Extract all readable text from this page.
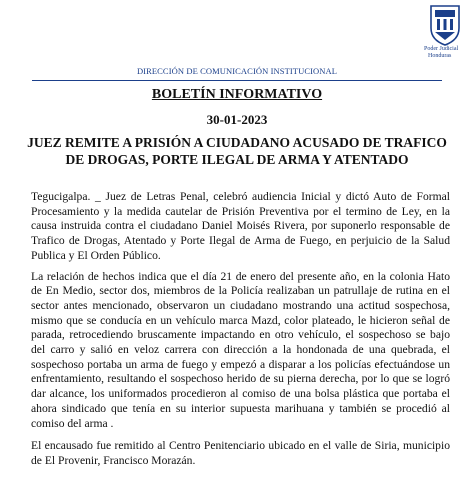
Poder Judicial
Honduras
DIRECCIÓN DE COMUNICACIÓN INSTITUCIONAL
BOLETÍN INFORMATIVO
30-01-2023
JUEZ REMITE A PRISIÓN A CIUDADANO ACUSADO DE TRAFICO DE DROGAS, PORTE ILEGAL DE ARMA Y ATENTADO

Tegucigalpa. _ Juez de Letras Penal, celebró audiencia Inicial y dictó Auto de Formal Procesamiento y la medida cautelar de Prisión Preventiva por el termino de Ley, en la causa instruida contra el ciudadano Daniel Moisés Rivera, por suponerlo responsable de Trafico de Drogas, Atentado y Porte Ilegal de Arma de Fuego, en perjuicio de la Salud Publica y El Orden Público.

La relación de hechos indica que el día 21 de enero del presente año, en la colonia Hato de En Medio, sector dos, miembros de la Policía realizaban un patrullaje de rutina en el sector antes mencionado, observaron un ciudadano mostrando una actitud sospechosa, mismo que se conducía en un vehículo marca Mazd, color plateado, le hicieron señal de parada, retrocediendo bruscamente impactando en otro vehículo, el sospechoso se bajo del carro y salió en veloz carrera con dirección a la hondonada de una quebrada, el sospechoso portaba un arma de fuego y empezó a disparar a los policías efectuándose un enfrentamiento, resultando el sospechoso herido de su pierna derecha, por lo que se logró dar alcance, los uniformados procedieron al comiso de una bolsa plástica que portaba el ahora sindicado que tenía en su interior supuesta marihuana y también se procedió al comiso del arma .

El encausado fue remitido al Centro Penitenciario ubicado en el valle de Siria, municipio de El Provenir, Francisco Morazán.
